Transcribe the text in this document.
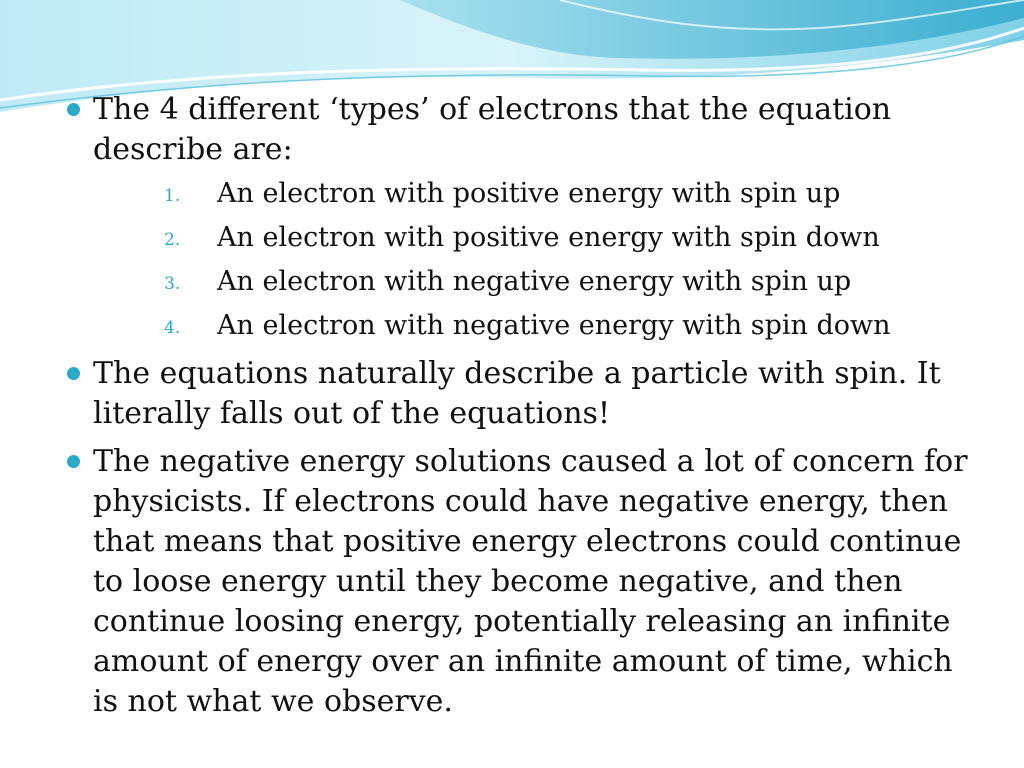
The 4 different ‘types’ of electrons that the equation describe are:
1. An electron with positive energy with spin up
2. An electron with positive energy with spin down
3. An electron with negative energy with spin up
4. An electron with negative energy with spin down
The equations naturally describe a particle with spin. It literally falls out of the equations!
The negative energy solutions caused a lot of concern for physicists. If electrons could have negative energy, then that means that positive energy electrons could continue to loose energy until they become negative, and then continue loosing energy, potentially releasing an infinite amount of energy over an infinite amount of time, which is not what we observe.
